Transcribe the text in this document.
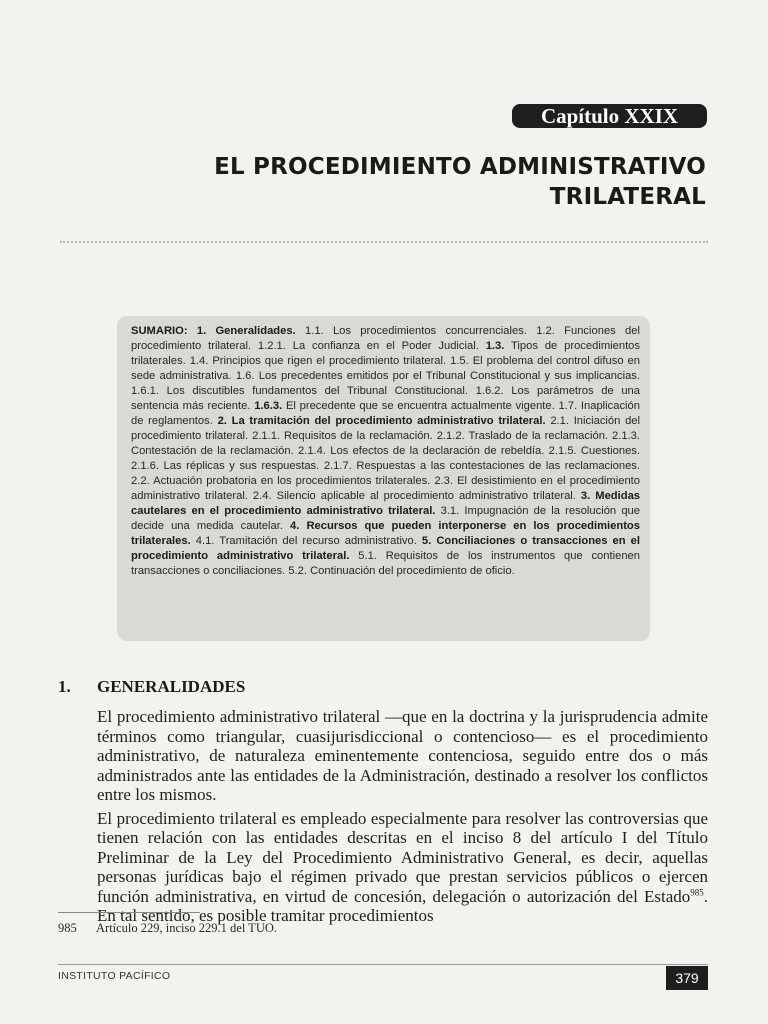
Capítulo XXIX
EL PROCEDIMIENTO ADMINISTRATIVO
TRILATERAL
SUMARIO: 1. Generalidades. 1.1. Los procedimientos concurrenciales. 1.2. Funciones del procedimiento trilateral. 1.2.1. La confianza en el Poder Judicial. 1.3. Tipos de procedimientos trilaterales. 1.4. Principios que rigen el procedimiento trilateral. 1.5. El problema del control difuso en sede administrativa. 1.6. Los precedentes emitidos por el Tribunal Constitucional y sus implicancias. 1.6.1. Los discutibles fundamentos del Tribunal Constitucional. 1.6.2. Los parámetros de una sentencia más reciente. 1.6.3. El precedente que se encuentra actualmente vigente. 1.7. Inaplicación de reglamentos. 2. La tramitación del procedimiento administrativo trilateral. 2.1. Iniciación del procedimiento trilateral. 2.1.1. Requisitos de la reclamación. 2.1.2. Traslado de la reclamación. 2.1.3. Contestación de la reclamación. 2.1.4. Los efectos de la declaración de rebeldía. 2.1.5. Cuestiones. 2.1.6. Las réplicas y sus respuestas. 2.1.7. Respuestas a las contestaciones de las reclamaciones. 2.2. Actuación probatoria en los procedimientos trilaterales. 2.3. El desistimiento en el procedimiento administrativo trilateral. 2.4. Silencio aplicable al procedimiento administrativo trilateral. 3. Medidas cautelares en el procedimiento administrativo trilateral. 3.1. Impugnación de la resolución que decide una medida cautelar. 4. Recursos que pueden interponerse en los procedimientos trilaterales. 4.1. Tramitación del recurso administrativo. 5. Conciliaciones o transacciones en el procedimiento administrativo trilateral. 5.1. Requisitos de los instrumentos que contienen transacciones o conciliaciones. 5.2. Continuación del procedimiento de oficio.
1. GENERALIDADES

El procedimiento administrativo trilateral —que en la doctrina y la jurisprudencia admite términos como triangular, cuasijurisdiccional o contencioso— es el procedimiento administrativo, de naturaleza eminentemente contenciosa, seguido entre dos o más administrados ante las entidades de la Administración, destinado a resolver los conflictos entre los mismos.

El procedimiento trilateral es empleado especialmente para resolver las controversias que tienen relación con las entidades descritas en el inciso 8 del artículo I del Título Preliminar de la Ley del Procedimiento Administrativo General, es decir, aquellas personas jurídicas bajo el régimen privado que prestan servicios públicos o ejercen función administrativa, en virtud de concesión, delegación o autorización del Estado$^{985}$. En tal sentido, es posible tramitar procedimientos

985 Artículo 229, inciso 229.1 del TUO.
INSTITUTO PACÍFICO	379
